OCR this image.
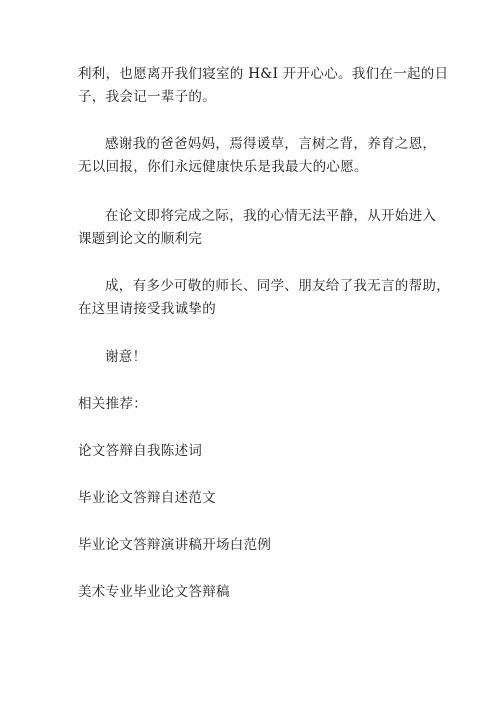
利利，也愿离开我们寝室的 H&I 开开心心。我们在一起的日
子，我会记一辈子的。

感谢我的爸爸妈妈，焉得谖草，言树之背，养育之恩，
无以回报，你们永远健康快乐是我最大的心愿。

在论文即将完成之际，我的心情无法平静，从开始进入
课题到论文的顺利完

成，有多少可敬的师长、同学、朋友给了我无言的帮助，
在这里请接受我诚挚的

谢意！

相关推荐：

论文答辩自我陈述词

毕业论文答辩自述范文

毕业论文答辩演讲稿开场白范例

美术专业毕业论文答辩稿
